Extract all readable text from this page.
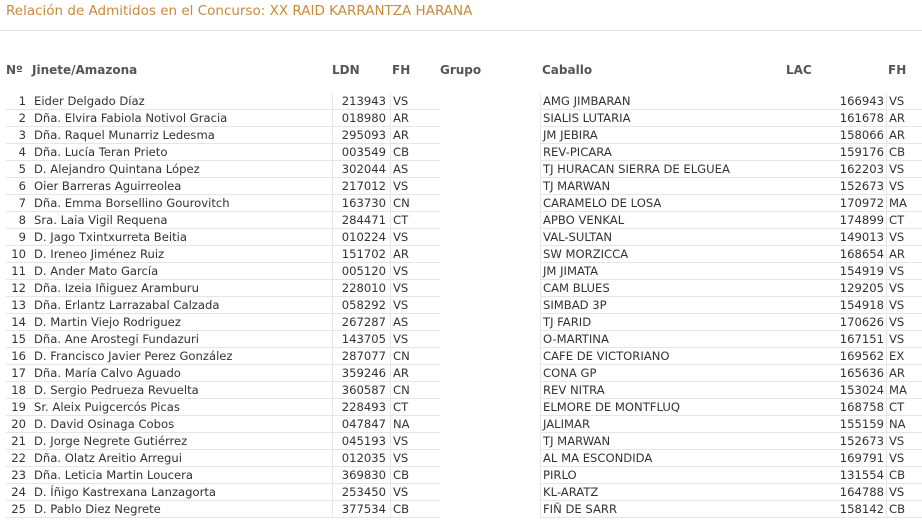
Relación de Admitidos en el Concurso: XX RAID KARRANTZA HARANA
Nº	Jinete/Amazona	LDN	FH	Grupo	Caballo	LAC	FH

1	Eider Delgado Díaz	213943	VS		AMG JIMBARAN	166943	VS
2	Dña. Elvira Fabiola Notivol Gracia	018980	AR		SIALIS LUTARIA	161678	AR
3	Dña. Raquel Munarriz Ledesma	295093	AR		JM JEBIRA	158066	AR
4	Dña. Lucía Teran Prieto	003549	CB		REV-PICARA	159176	CB
5	D. Alejandro Quintana López	302044	AS		TJ HURACAN SIERRA DE ELGUEA	162203	VS
6	Oier Barreras Aguirreolea	217012	VS		TJ MARWAN	152673	VS
7	Dña. Emma Borsellino Gourovitch	163730	CN		CARAMELO DE LOSA	170972	MA
8	Sra. Laia Vigil Requena	284471	CT		APBO VENKAL	174899	CT
9	D. Jago Txintxurreta Beitia	010224	VS		VAL-SULTAN	149013	VS
10	D. Ireneo Jiménez Ruiz	151702	AR		SW MORZICCA	168654	AR
11	D. Ander Mato García	005120	VS		JM JIMATA	154919	VS
12	Dña. Izeia Iñiguez Aramburu	228010	VS		CAM BLUES	129205	VS
13	Dña. Erlantz Larrazabal Calzada	058292	VS		SIMBAD 3P	154918	VS
14	D. Martin Viejo Rodriguez	267287	AS		TJ FARID	170626	VS
15	Dña. Ane Arostegi Fundazuri	143705	VS		O-MARTINA	167151	VS
16	D. Francisco Javier Perez González	287077	CN		CAFE DE VICTORIANO	169562	EX
17	Dña. María Calvo Aguado	359246	AR		CONA GP	165636	AR
18	D. Sergio Pedrueza Revuelta	360587	CN		REV NITRA	153024	MA
19	Sr. Aleix Puigcercós Picas	228493	CT		ELMORE DE MONTFLUQ	168758	CT
20	D. David Osinaga Cobos	047847	NA		JALIMAR	155159	NA
21	D. Jorge Negrete Gutiérrez	045193	VS		TJ MARWAN	152673	VS
22	Dña. Olatz Areitio Arregui	012035	VS		AL MA ESCONDIDA	169791	VS
23	Dña. Leticia Martin Loucera	369830	CB		PIRLO	131554	CB
24	D. Íñigo Kastrexana Lanzagorta	253450	VS		KL-ARATZ	164788	VS
25	D. Pablo Diez Negrete	377534	CB		FIÑ DE SARR	158142	CB
